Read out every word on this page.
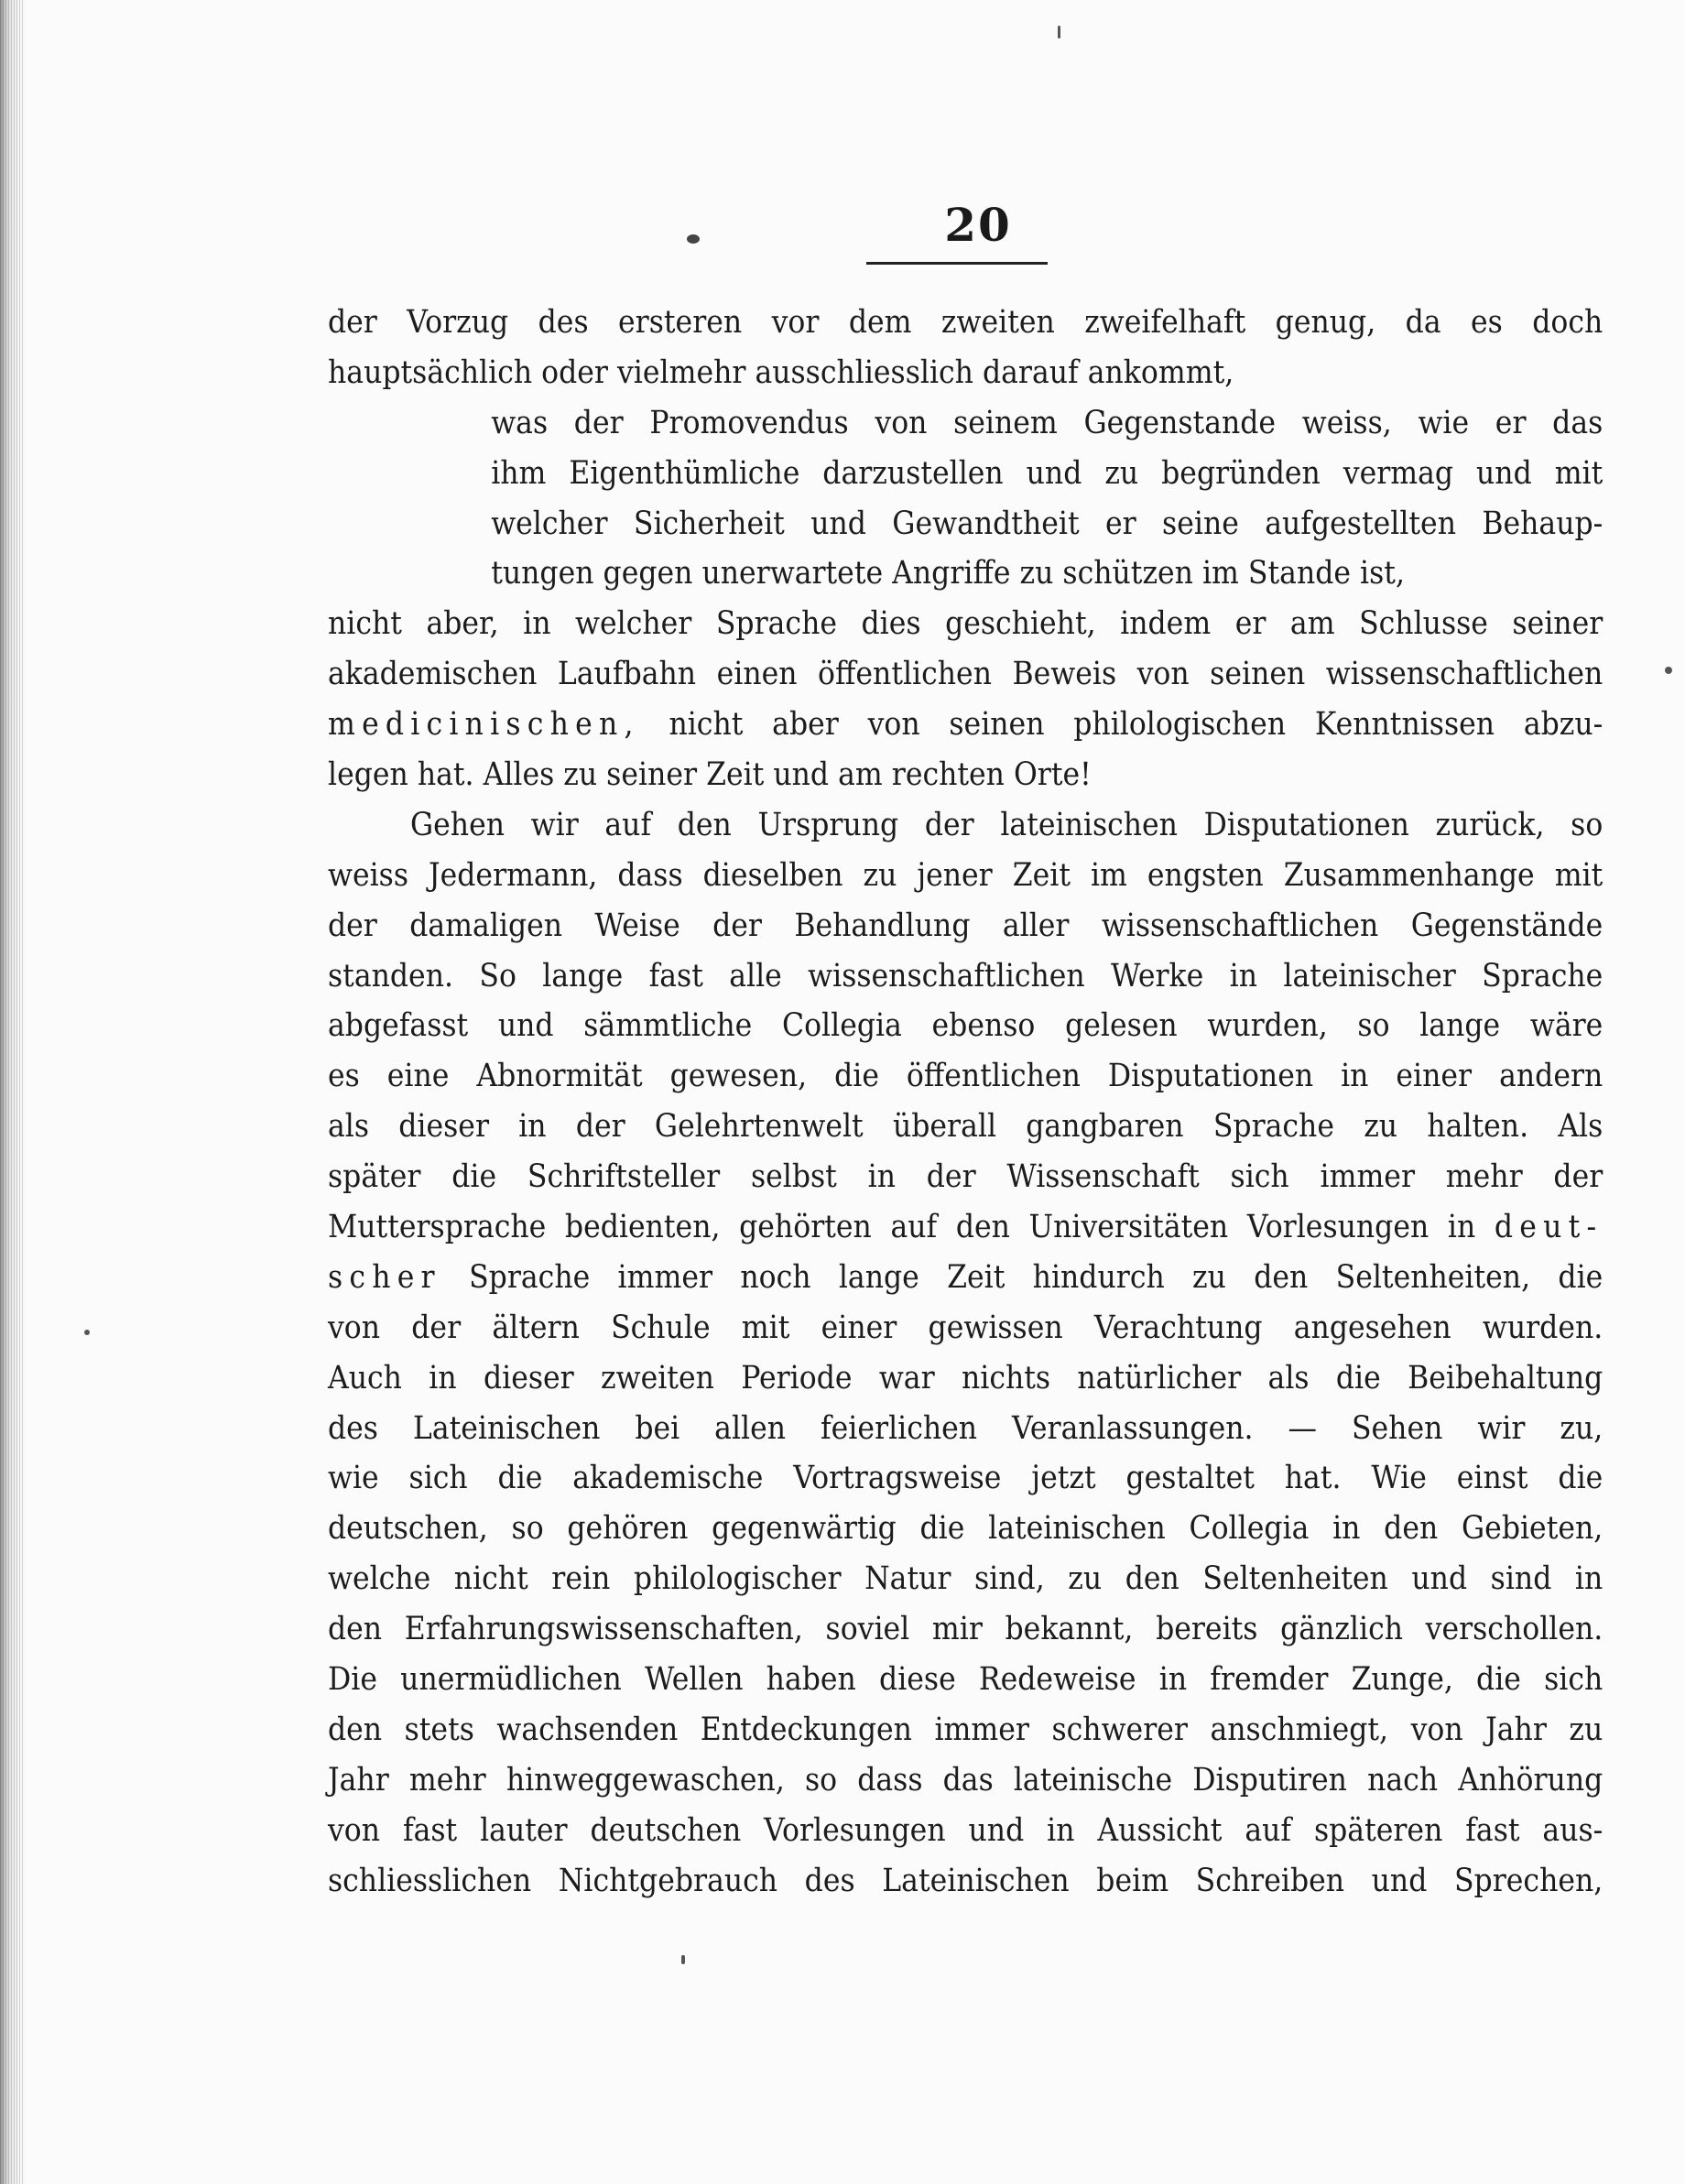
20
der Vorzug des ersteren vor dem zweiten zweifelhaft genug, da es doch
hauptsächlich oder vielmehr ausschliesslich darauf ankommt,
was der Promovendus von seinem Gegenstande weiss, wie er das
ihm Eigenthümliche darzustellen und zu begründen vermag und mit
welcher Sicherheit und Gewandtheit er seine aufgestellten Behaup-
tungen gegen unerwartete Angriffe zu schützen im Stande ist,
nicht aber, in welcher Sprache dies geschieht, indem er am Schlusse seiner
akademischen Laufbahn einen öffentlichen Beweis von seinen wissenschaftlichen
medicinischen, nicht aber von seinen philologischen Kenntnissen abzu-
legen hat. Alles zu seiner Zeit und am rechten Orte!
Gehen wir auf den Ursprung der lateinischen Disputationen zurück, so
weiss Jedermann, dass dieselben zu jener Zeit im engsten Zusammenhange mit
der damaligen Weise der Behandlung aller wissenschaftlichen Gegenstände
standen. So lange fast alle wissenschaftlichen Werke in lateinischer Sprache
abgefasst und sämmtliche Collegia ebenso gelesen wurden, so lange wäre
es eine Abnormität gewesen, die öffentlichen Disputationen in einer andern
als dieser in der Gelehrtenwelt überall gangbaren Sprache zu halten. Als
später die Schriftsteller selbst in der Wissenschaft sich immer mehr der
Muttersprache bedienten, gehörten auf den Universitäten Vorlesungen in deut-
scher Sprache immer noch lange Zeit hindurch zu den Seltenheiten, die
von der ältern Schule mit einer gewissen Verachtung angesehen wurden.
Auch in dieser zweiten Periode war nichts natürlicher als die Beibehaltung
des Lateinischen bei allen feierlichen Veranlassungen. — Sehen wir zu,
wie sich die akademische Vortragsweise jetzt gestaltet hat. Wie einst die
deutschen, so gehören gegenwärtig die lateinischen Collegia in den Gebieten,
welche nicht rein philologischer Natur sind, zu den Seltenheiten und sind in
den Erfahrungswissenschaften, soviel mir bekannt, bereits gänzlich verschollen.
Die unermüdlichen Wellen haben diese Redeweise in fremder Zunge, die sich
den stets wachsenden Entdeckungen immer schwerer anschmiegt, von Jahr zu
Jahr mehr hinweggewaschen, so dass das lateinische Disputiren nach Anhörung
von fast lauter deutschen Vorlesungen und in Aussicht auf späteren fast aus-
schliesslichen Nichtgebrauch des Lateinischen beim Schreiben und Sprechen,
